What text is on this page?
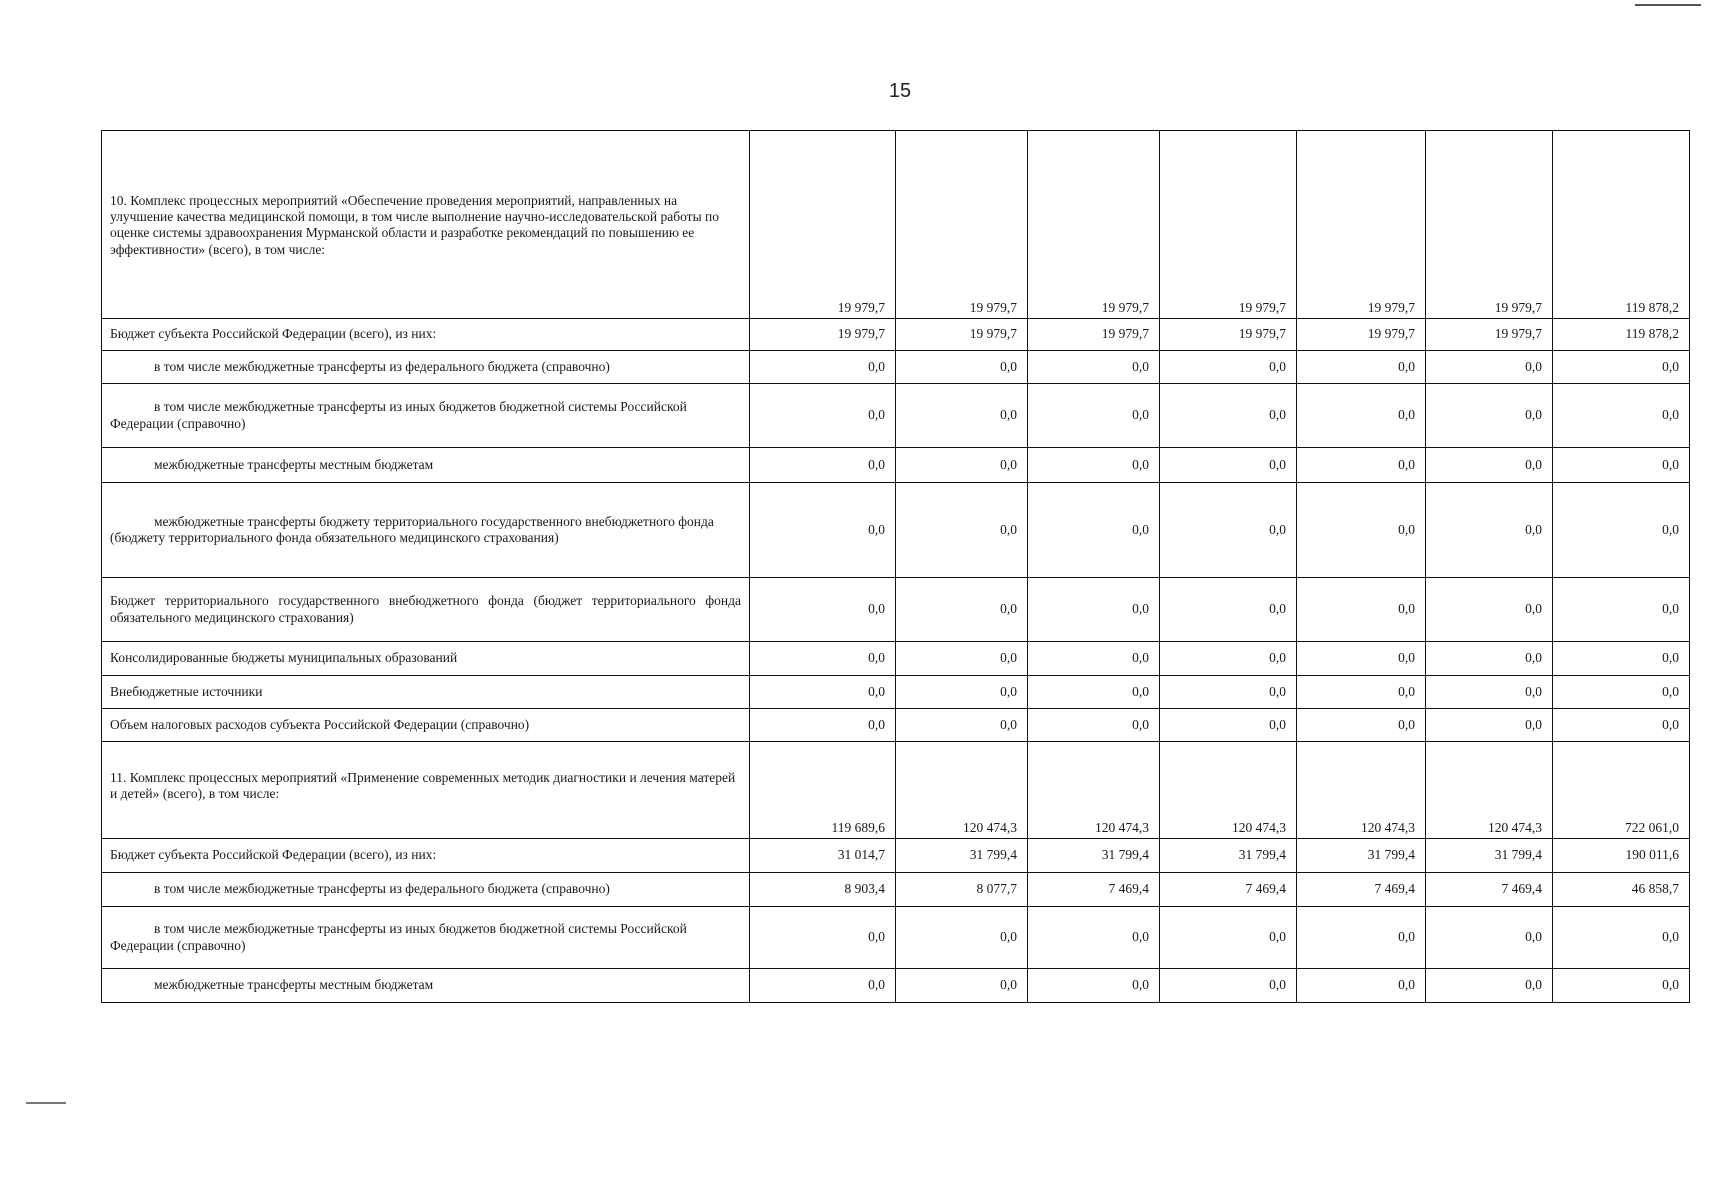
15
10. Комплекс процессных мероприятий «Обеспечение проведения мероприятий, направленных на улучшение качества медицинской помощи, в том числе выполнение научно-исследовательской работы по оценке системы здравоохранения Мурманской области и разработке рекомендаций по повышению ее эффективности» (всего), в том числе:	19 979,7	19 979,7	19 979,7	19 979,7	19 979,7	19 979,7	119 878,2
Бюджет субъекта Российской Федерации (всего), из них:	19 979,7	19 979,7	19 979,7	19 979,7	19 979,7	19 979,7	119 878,2
в том числе межбюджетные трансферты из федерального бюджета (справочно)	0,0	0,0	0,0	0,0	0,0	0,0	0,0
в том числе межбюджетные трансферты из иных бюджетов бюджетной системы Российской Федерации (справочно)	0,0	0,0	0,0	0,0	0,0	0,0	0,0
межбюджетные трансферты местным бюджетам	0,0	0,0	0,0	0,0	0,0	0,0	0,0
межбюджетные трансферты бюджету территориального государственного внебюджетного фонда (бюджету территориального фонда обязательного медицинского страхования)	0,0	0,0	0,0	0,0	0,0	0,0	0,0
Бюджет территориального государственного внебюджетного фонда (бюджет территориального фонда обязательного медицинского страхования)	0,0	0,0	0,0	0,0	0,0	0,0	0,0
Консолидированные бюджеты муниципальных образований	0,0	0,0	0,0	0,0	0,0	0,0	0,0
Внебюджетные источники	0,0	0,0	0,0	0,0	0,0	0,0	0,0
Объем налоговых расходов субъекта Российской Федерации (справочно)	0,0	0,0	0,0	0,0	0,0	0,0	0,0

11. Комплекс процессных мероприятий «Применение современных методик диагностики и лечения матерей и детей» (всего), в том числе:	119 689,6	120 474,3	120 474,3	120 474,3	120 474,3	120 474,3	722 061,0
Бюджет субъекта Российской Федерации (всего), из них:	31 014,7	31 799,4	31 799,4	31 799,4	31 799,4	31 799,4	190 011,6
в том числе межбюджетные трансферты из федерального бюджета (справочно)	8 903,4	8 077,7	7 469,4	7 469,4	7 469,4	7 469,4	46 858,7
в том числе межбюджетные трансферты из иных бюджетов бюджетной системы Российской Федерации (справочно)	0,0	0,0	0,0	0,0	0,0	0,0	0,0
межбюджетные трансферты местным бюджетам	0,0	0,0	0,0	0,0	0,0	0,0	0,0
